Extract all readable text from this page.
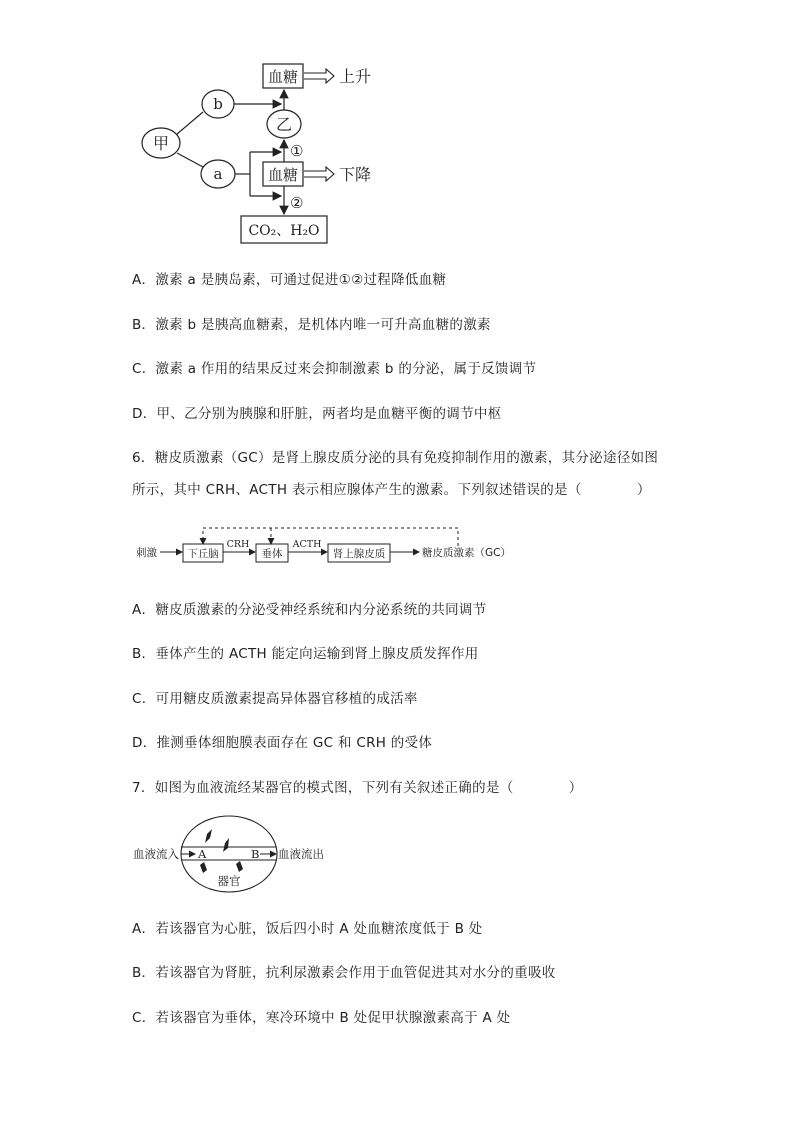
甲
b
a
乙
血糖	上升
血糖
①
下降
②
CO₂、H₂O
A．激素 a 是胰岛素，可通过促进①②过程降低血糖
B．激素 b 是胰高血糖素，是机体内唯一可升高血糖的激素
C．激素 a 作用的结果反过来会抑制激素 b 的分泌，属于反馈调节
D．甲、乙分别为胰腺和肝脏，两者均是血糖平衡的调节中枢
6．糖皮质激素（GC）是肾上腺皮质分泌的具有免疫抑制作用的激素，其分泌途径如图
所示，其中 CRH、ACTH 表示相应腺体产生的激素。下列叙述错误的是（　　　　）
刺激	下丘脑
CRH
垂体
ACTH
肾上腺皮质	糖皮质激素（GC）
A．糖皮质激素的分泌受神经系统和内分泌系统的共同调节
B．垂体产生的 ACTH 能定向运输到肾上腺皮质发挥作用
C．可用糖皮质激素提高异体器官移植的成活率
D．推测垂体细胞膜表面存在 GC 和 CRH 的受体
7．如图为血液流经某器官的模式图，下列有关叙述正确的是（　　　　）
血液流入 A	B 血液流出
器官
A．若该器官为心脏，饭后四小时 A 处血糖浓度低于 B 处
B．若该器官为肾脏，抗利尿激素会作用于血管促进其对水分的重吸收
C．若该器官为垂体，寒冷环境中 B 处促甲状腺激素高于 A 处
